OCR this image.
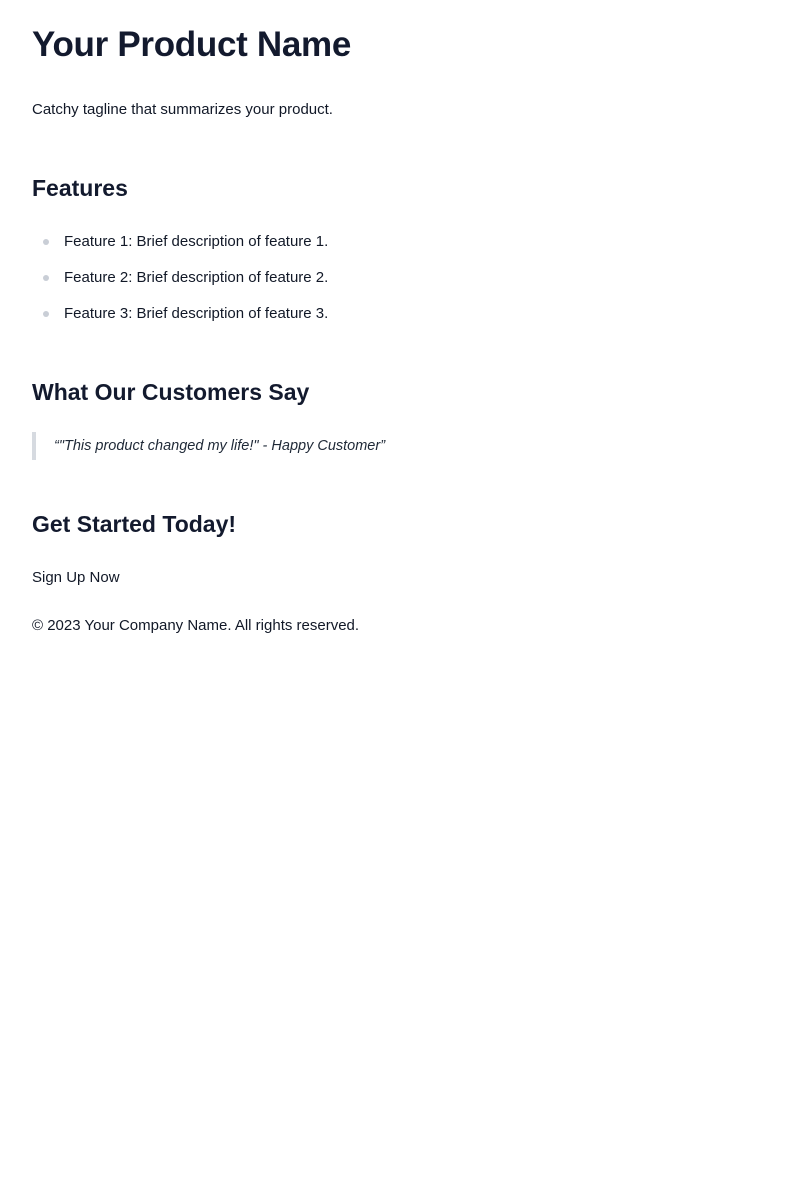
Your Product Name

Catchy tagline that summarizes your product.

Features
Feature 1: Brief description of feature 1.
Feature 2: Brief description of feature 2.
Feature 3: Brief description of feature 3.
What Our Customers Say
“"This product changed my life!" - Happy Customer”
Get Started Today!
Sign Up Now

© 2023 Your Company Name. All rights reserved.
